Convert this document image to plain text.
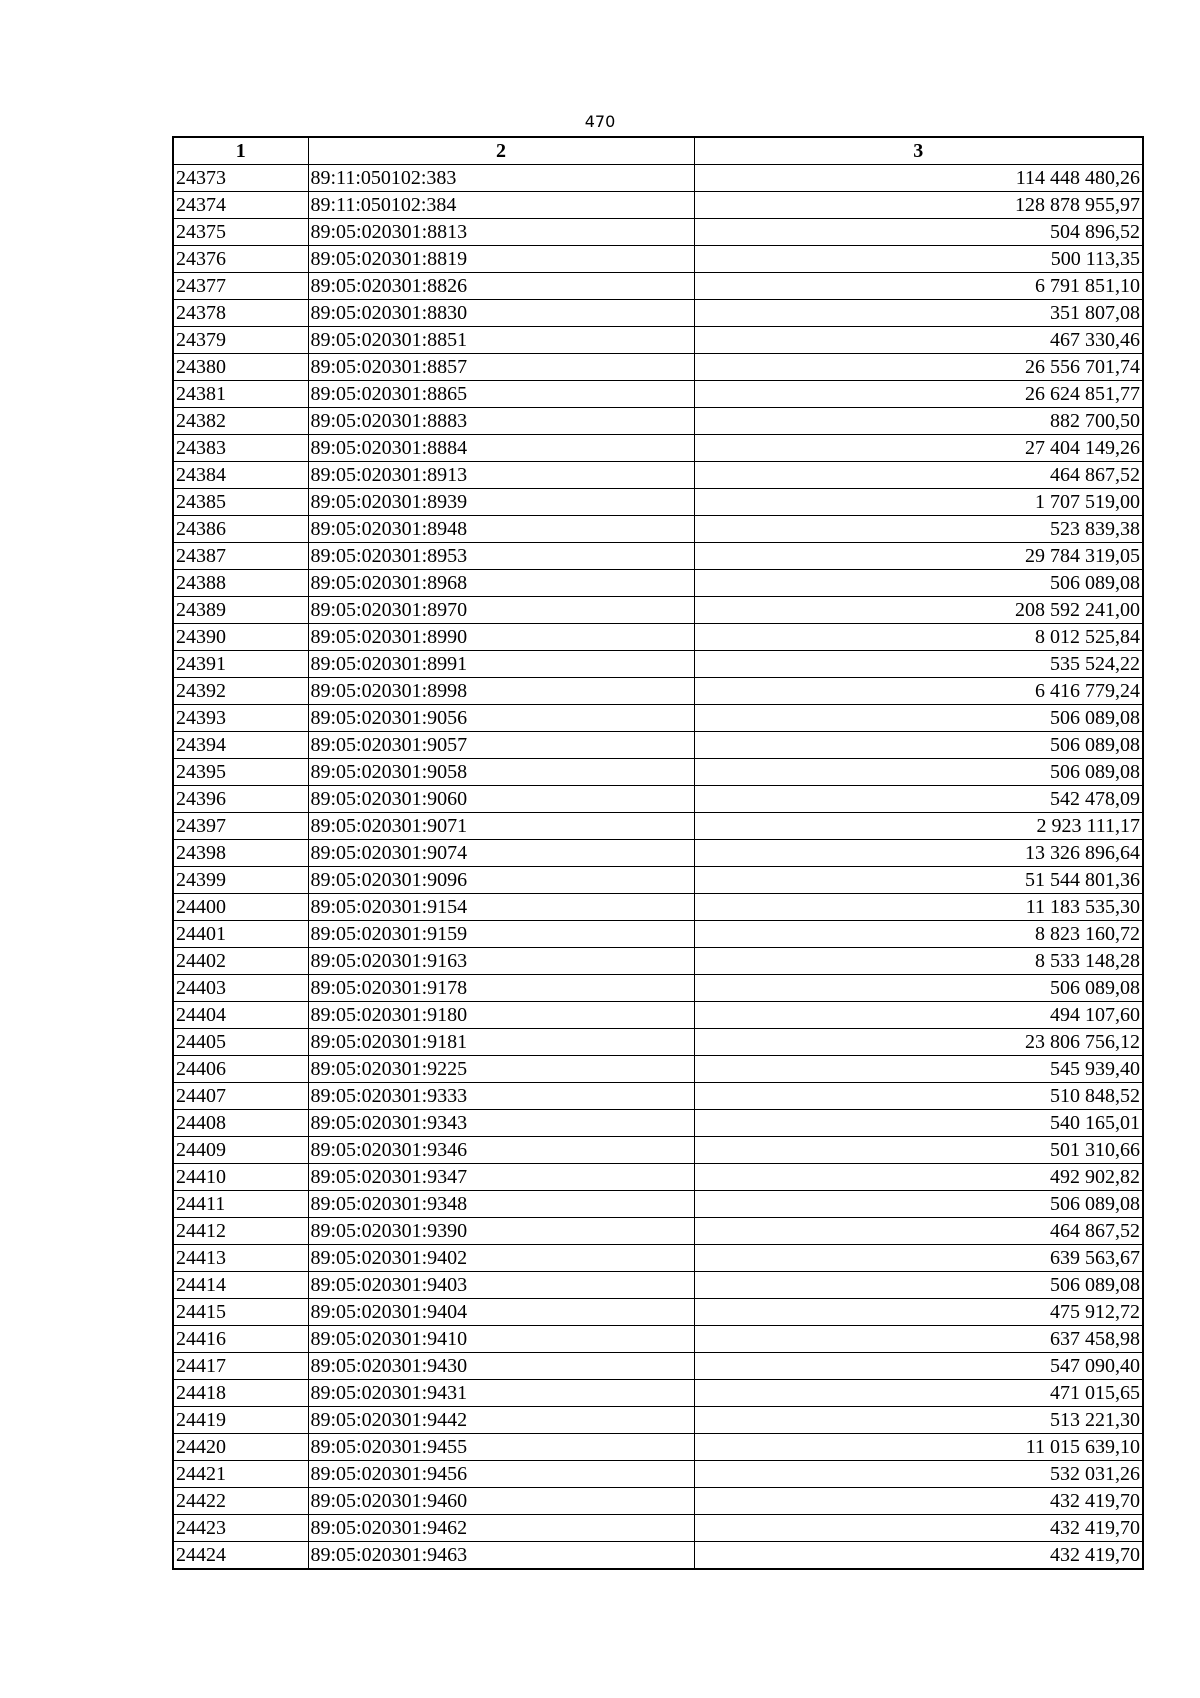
470
1	2	3
24373	89:11:050102:383	114 448 480,26
24374	89:11:050102:384	128 878 955,97
24375	89:05:020301:8813	504 896,52
24376	89:05:020301:8819	500 113,35
24377	89:05:020301:8826	6 791 851,10
24378	89:05:020301:8830	351 807,08
24379	89:05:020301:8851	467 330,46
24380	89:05:020301:8857	26 556 701,74
24381	89:05:020301:8865	26 624 851,77
24382	89:05:020301:8883	882 700,50
24383	89:05:020301:8884	27 404 149,26
24384	89:05:020301:8913	464 867,52
24385	89:05:020301:8939	1 707 519,00
24386	89:05:020301:8948	523 839,38
24387	89:05:020301:8953	29 784 319,05
24388	89:05:020301:8968	506 089,08
24389	89:05:020301:8970	208 592 241,00
24390	89:05:020301:8990	8 012 525,84
24391	89:05:020301:8991	535 524,22
24392	89:05:020301:8998	6 416 779,24
24393	89:05:020301:9056	506 089,08
24394	89:05:020301:9057	506 089,08
24395	89:05:020301:9058	506 089,08
24396	89:05:020301:9060	542 478,09
24397	89:05:020301:9071	2 923 111,17
24398	89:05:020301:9074	13 326 896,64
24399	89:05:020301:9096	51 544 801,36
24400	89:05:020301:9154	11 183 535,30
24401	89:05:020301:9159	8 823 160,72
24402	89:05:020301:9163	8 533 148,28
24403	89:05:020301:9178	506 089,08
24404	89:05:020301:9180	494 107,60
24405	89:05:020301:9181	23 806 756,12
24406	89:05:020301:9225	545 939,40
24407	89:05:020301:9333	510 848,52
24408	89:05:020301:9343	540 165,01
24409	89:05:020301:9346	501 310,66
24410	89:05:020301:9347	492 902,82
24411	89:05:020301:9348	506 089,08
24412	89:05:020301:9390	464 867,52
24413	89:05:020301:9402	639 563,67
24414	89:05:020301:9403	506 089,08
24415	89:05:020301:9404	475 912,72
24416	89:05:020301:9410	637 458,98
24417	89:05:020301:9430	547 090,40
24418	89:05:020301:9431	471 015,65
24419	89:05:020301:9442	513 221,30
24420	89:05:020301:9455	11 015 639,10
24421	89:05:020301:9456	532 031,26
24422	89:05:020301:9460	432 419,70
24423	89:05:020301:9462	432 419,70
24424	89:05:020301:9463	432 419,70
